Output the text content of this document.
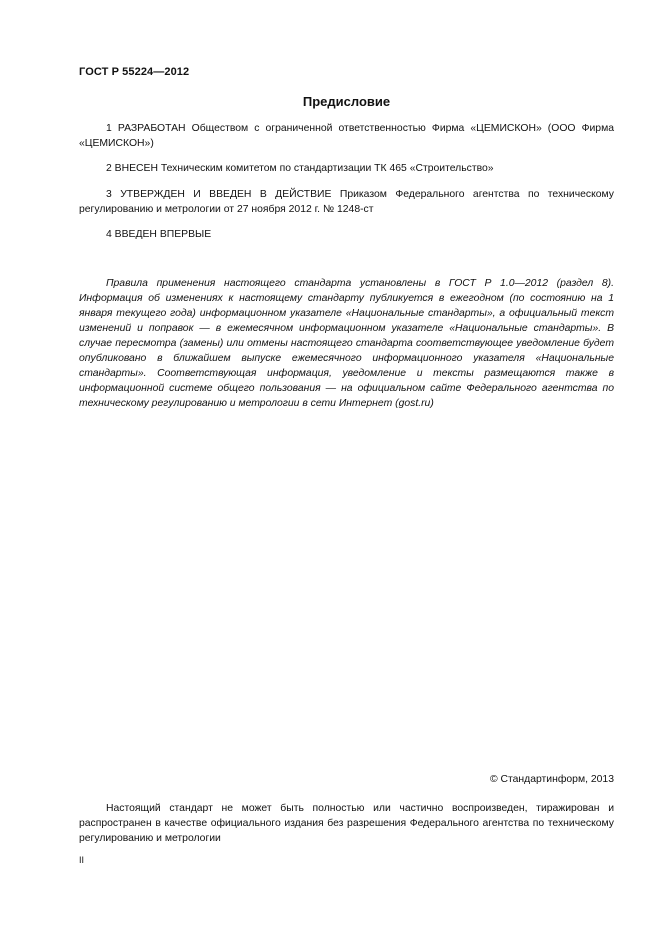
ГОСТ Р 55224—2012
Предисловие

1 РАЗРАБОТАН Обществом с ограниченной ответственностью Фирма «ЦЕМИСКОН» (ООО Фирма «ЦЕМИСКОН»)

2 ВНЕСЕН Техническим комитетом по стандартизации ТК 465 «Строительство»

3 УТВЕРЖДЕН И ВВЕДЕН В ДЕЙСТВИЕ Приказом Федерального агентства по техническому регулированию и метрологии от 27 ноября 2012 г. № 1248-ст

4 ВВЕДЕН ВПЕРВЫЕ

Правила применения настоящего стандарта установлены в ГОСТ Р 1.0—2012 (раздел 8). Информация об изменениях к настоящему стандарту публикуется в ежегодном (по состоянию на 1 января текущего года) информационном указателе «Национальные стандарты», а официальный текст изменений и поправок — в ежемесячном информационном указателе «Национальные стандарты». В случае пересмотра (замены) или отмены настоящего стандарта соответствующее уведомление будет опубликовано в ближайшем выпуске ежемесячного информационного указателя «Национальные стандарты». Соответствующая информация, уведомление и тексты размещаются также в информационной системе общего пользования — на официальном сайте Федерального агентства по техническому регулированию и метрологии в сети Интернет (gost.ru)

© Стандартинформ, 2013

Настоящий стандарт не может быть полностью или частично воспроизведен, тиражирован и распространен в качестве официального издания без разрешения Федерального агентства по техническому регулированию и метрологии

II
